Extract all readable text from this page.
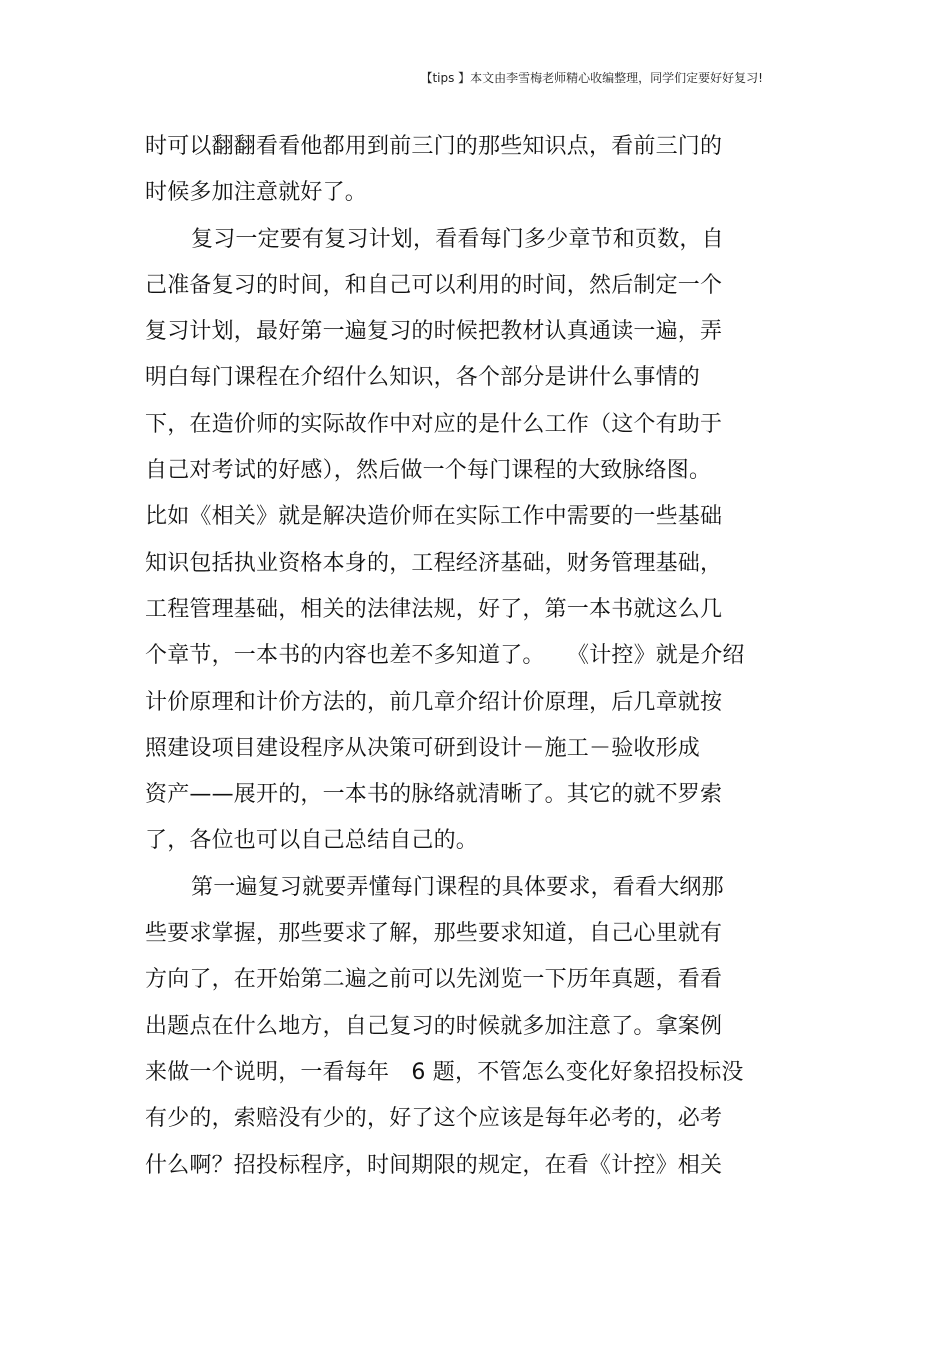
【tips 】本文由李雪梅老师精心收编整理，同学们定要好好复习!
时可以翻翻看看他都用到前三门的那些知识点，看前三门的
时候多加注意就好了。
复习一定要有复习计划，看看每门多少章节和页数，自
己准备复习的时间，和自己可以利用的时间，然后制定一个
复习计划，最好第一遍复习的时候把教材认真通读一遍，弄
明白每门课程在介绍什么知识，各个部分是讲什么事情的
下，在造价师的实际故作中对应的是什么工作（这个有助于
自己对考试的好感），然后做一个每门课程的大致脉络图。
比如《相关》就是解决造价师在实际工作中需要的一些基础
知识包括执业资格本身的，工程经济基础，财务管理基础，
工程管理基础，相关的法律法规，好了，第一本书就这么几
个章节，一本书的内容也差不多知道了。　　《计控》就是介绍
计价原理和计价方法的，前几章介绍计价原理，后几章就按
照建设项目建设程序从决策可研到设计－施工－验收形成
资产——展开的，一本书的脉络就清晰了。其它的就不罗索
了，各位也可以自己总结自己的。
第一遍复习就要弄懂每门课程的具体要求，看看大纲那
些要求掌握，那些要求了解，那些要求知道，自己心里就有
方向了，在开始第二遍之前可以先浏览一下历年真题，看看
出题点在什么地方，自己复习的时候就多加注意了。拿案例
来做一个说明，一看每年　6 题，不管怎么变化好象招投标没
有少的，索赔没有少的，好了这个应该是每年必考的，必考
什么啊？招投标程序，时间期限的规定，在看《计控》相关
